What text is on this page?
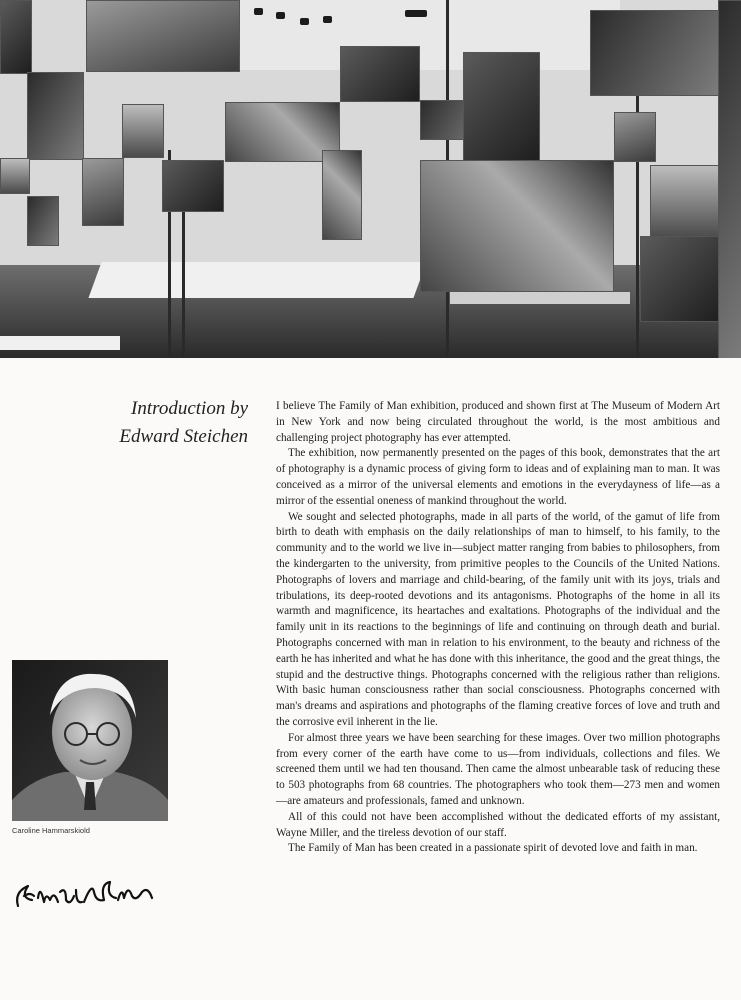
Introduction by
Edward Steichen

I believe The Family of Man exhibition, produced and shown first at The Museum of Modern Art in New York and now being circulated throughout the world, is the most ambitious and challenging project photography has ever attempted.

The exhibition, now permanently presented on the pages of this book, demonstrates that the art of photography is a dynamic process of giving form to ideas and of explaining man to man. It was conceived as a mirror of the universal elements and emotions in the everydayness of life—as a mirror of the essential oneness of mankind throughout the world.

We sought and selected photographs, made in all parts of the world, of the gamut of life from birth to death with emphasis on the daily relationships of man to himself, to his family, to the community and to the world we live in—subject matter ranging from babies to philosophers, from the kindergarten to the university, from primitive peoples to the Councils of the United Nations. Photographs of lovers and marriage and child-bearing, of the family unit with its joys, trials and tribulations, its deep-rooted devotions and its antagonisms. Photographs of the home in all its warmth and magnificence, its heartaches and exaltations. Photographs of the individual and the family unit in its reactions to the beginnings of life and continuing on through death and burial. Photographs concerned with man in relation to his environment, to the beauty and richness of the earth he has inherited and what he has done with this inheritance, the good and the great things, the stupid and the destructive things. Photographs concerned with the religious rather than religions. With basic human consciousness rather than social consciousness. Photographs concerned with man's dreams and aspirations and photographs of the flaming creative forces of love and truth and the corrosive evil inherent in the lie.

For almost three years we have been searching for these images. Over two million photographs from every corner of the earth have come to us—from individuals, collections and files. We screened them until we had ten thousand. Then came the almost unbearable task of reducing these to 503 photographs from 68 countries. The photographers who took them—273 men and women—are amateurs and professionals, famed and unknown.

All of this could not have been accomplished without the dedicated efforts of my assistant, Wayne Miller, and the tireless devotion of our staff.

The Family of Man has been created in a passionate spirit of devoted love and faith in man.

Caroline Hammarskiold
